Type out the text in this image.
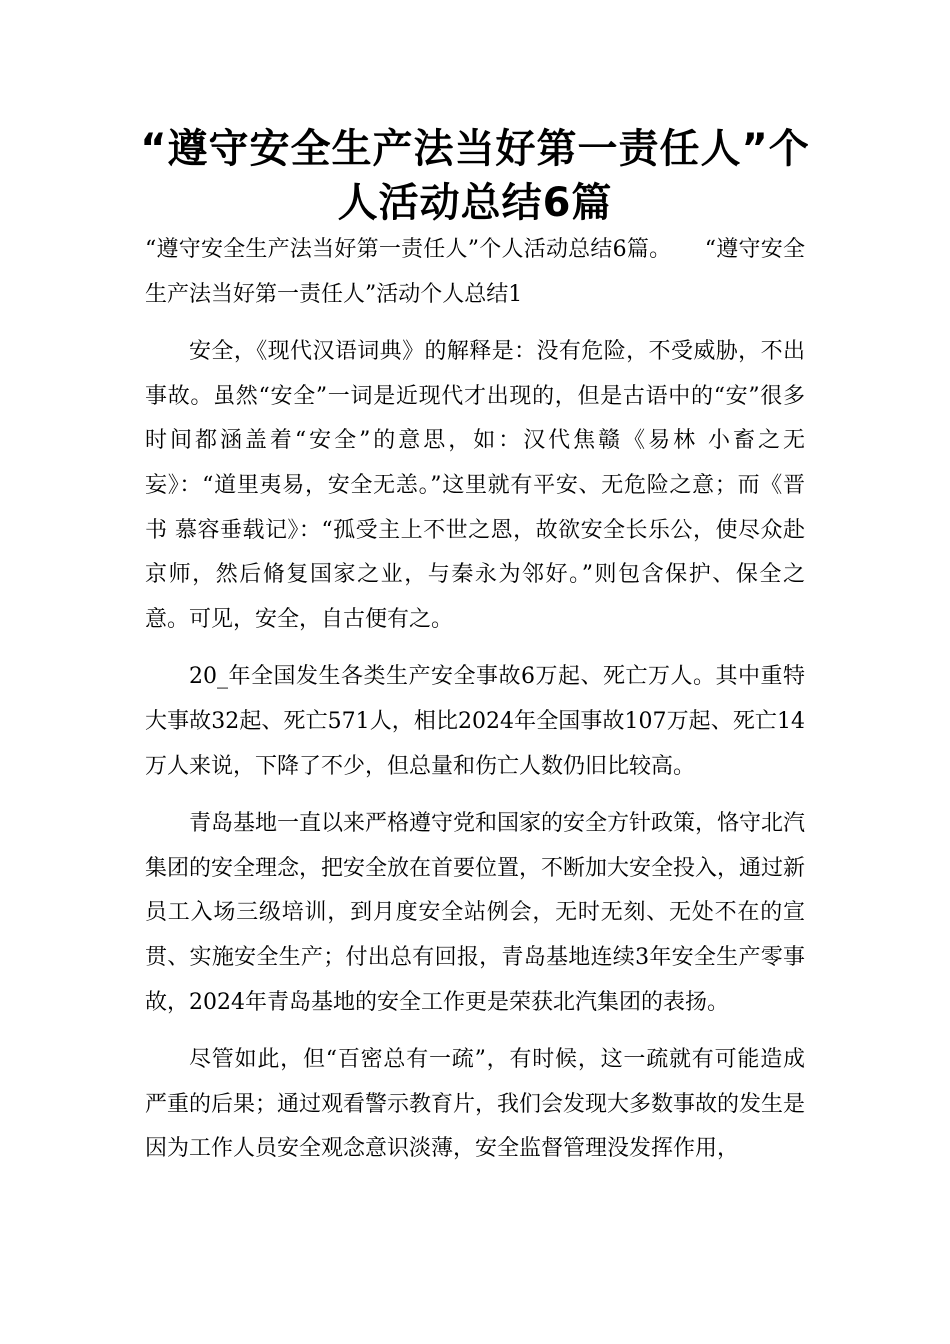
“遵守安全生产法当好第一责任人”个人活动总结6篇

“遵守安全生产法当好第一责任人”个人活动总结6篇。　　“遵守安全生产法当好第一责任人”活动个人总结1

安全，《现代汉语词典》的解释是：没有危险，不受威胁，不出事故。虽然“安全”一词是近现代才出现的，但是古语中的“安”很多时间都涵盖着“安全”的意思，如：汉代焦赣《易林 小畜之无妄》：“道里夷易，安全无恙。”这里就有平安、无危险之意；而《晋书 慕容垂载记》：“孤受主上不世之恩，故欲安全长乐公，使尽众赴京师，然后脩复国家之业，与秦永为邻好。”则包含保护、保全之意。可见，安全，自古便有之。

20_年全国发生各类生产安全事故6万起、死亡万人。其中重特大事故32起、死亡571人，相比2024年全国事故107万起、死亡14万人来说，下降了不少，但总量和伤亡人数仍旧比较高。

青岛基地一直以来严格遵守党和国家的安全方针政策，恪守北汽集团的安全理念，把安全放在首要位置，不断加大安全投入，通过新员工入场三级培训，到月度安全站例会，无时无刻、无处不在的宣贯、实施安全生产；付出总有回报，青岛基地连续3年安全生产零事故，2024年青岛基地的安全工作更是荣获北汽集团的表扬。

尽管如此，但“百密总有一疏”，有时候，这一疏就有可能造成严重的后果；通过观看警示教育片，我们会发现大多数事故的发生是因为工作人员安全观念意识淡薄，安全监督管理没发挥作用，
